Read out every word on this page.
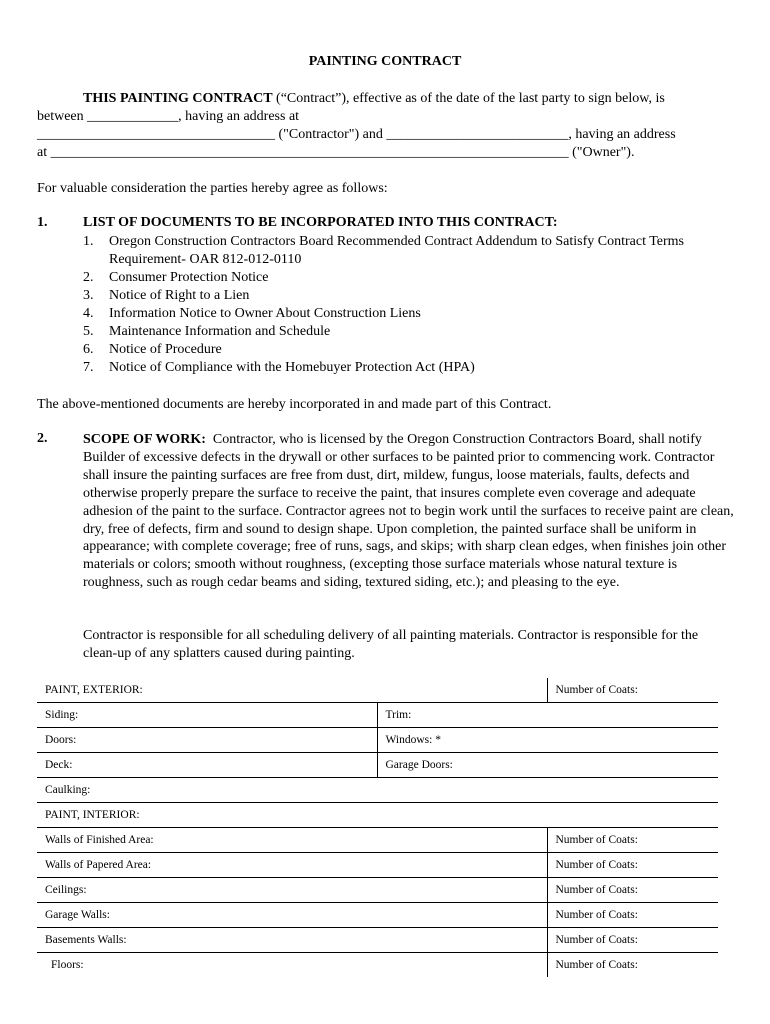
PAINTING CONTRACT
THIS PAINTING CONTRACT (“Contract”), effective as of the date of the last party to sign below, is
between _____________, having an address at
__________________________________ ("Contractor") and __________________________, having an address
at __________________________________________________________________________ ("Owner").
For valuable consideration the parties hereby agree as follows:
1.	LIST OF DOCUMENTS TO BE INCORPORATED INTO THIS CONTRACT:
1. Oregon Construction Contractors Board Recommended Contract Addendum to Satisfy Contract Terms
Requirement- OAR 812-012-0110
2. Consumer Protection Notice
3. Notice of Right to a Lien
4. Information Notice to Owner About Construction Liens
5. Maintenance Information and Schedule
6. Notice of Procedure
7. Notice of Compliance with the Homebuyer Protection Act (HPA)
The above-mentioned documents are hereby incorporated in and made part of this Contract.
2.	SCOPE OF WORK: Contractor, who is licensed by the Oregon Construction Contractors Board, shall notify Builder of excessive defects in the drywall or other surfaces to be painted prior to commencing work. Contractor shall insure the painting surfaces are free from dust, dirt, mildew, fungus, loose materials, faults, defects and otherwise properly prepare the surface to receive the paint, that insures complete even coverage and adequate adhesion of the paint to the surface. Contractor agrees not to begin work until the surfaces to receive paint are clean, dry, free of defects, firm and sound to design shape. Upon completion, the painted surface shall be uniform in appearance; with complete coverage; free of runs, sags, and skips; with sharp clean edges, when finishes join other materials or colors; smooth without roughness, (excepting those surface materials whose natural texture is roughness, such as rough cedar beams and siding, textured siding, etc.); and pleasing to the eye.
Contractor is responsible for all scheduling delivery of all painting materials. Contractor is responsible for the clean-up of any splatters caused during painting.
PAINT, EXTERIOR:		Number of Coats:
Siding:	Trim:	
Doors:	Windows: *	
Deck:	Garage Doors:	
Caulking:		
PAINT, INTERIOR:		
Walls of Finished Area:		Number of Coats:
Walls of Papered Area:		Number of Coats:
Ceilings:		Number of Coats:
Garage Walls:		Number of Coats:
Basements Walls:		Number of Coats:
Floors:		Number of Coats:
